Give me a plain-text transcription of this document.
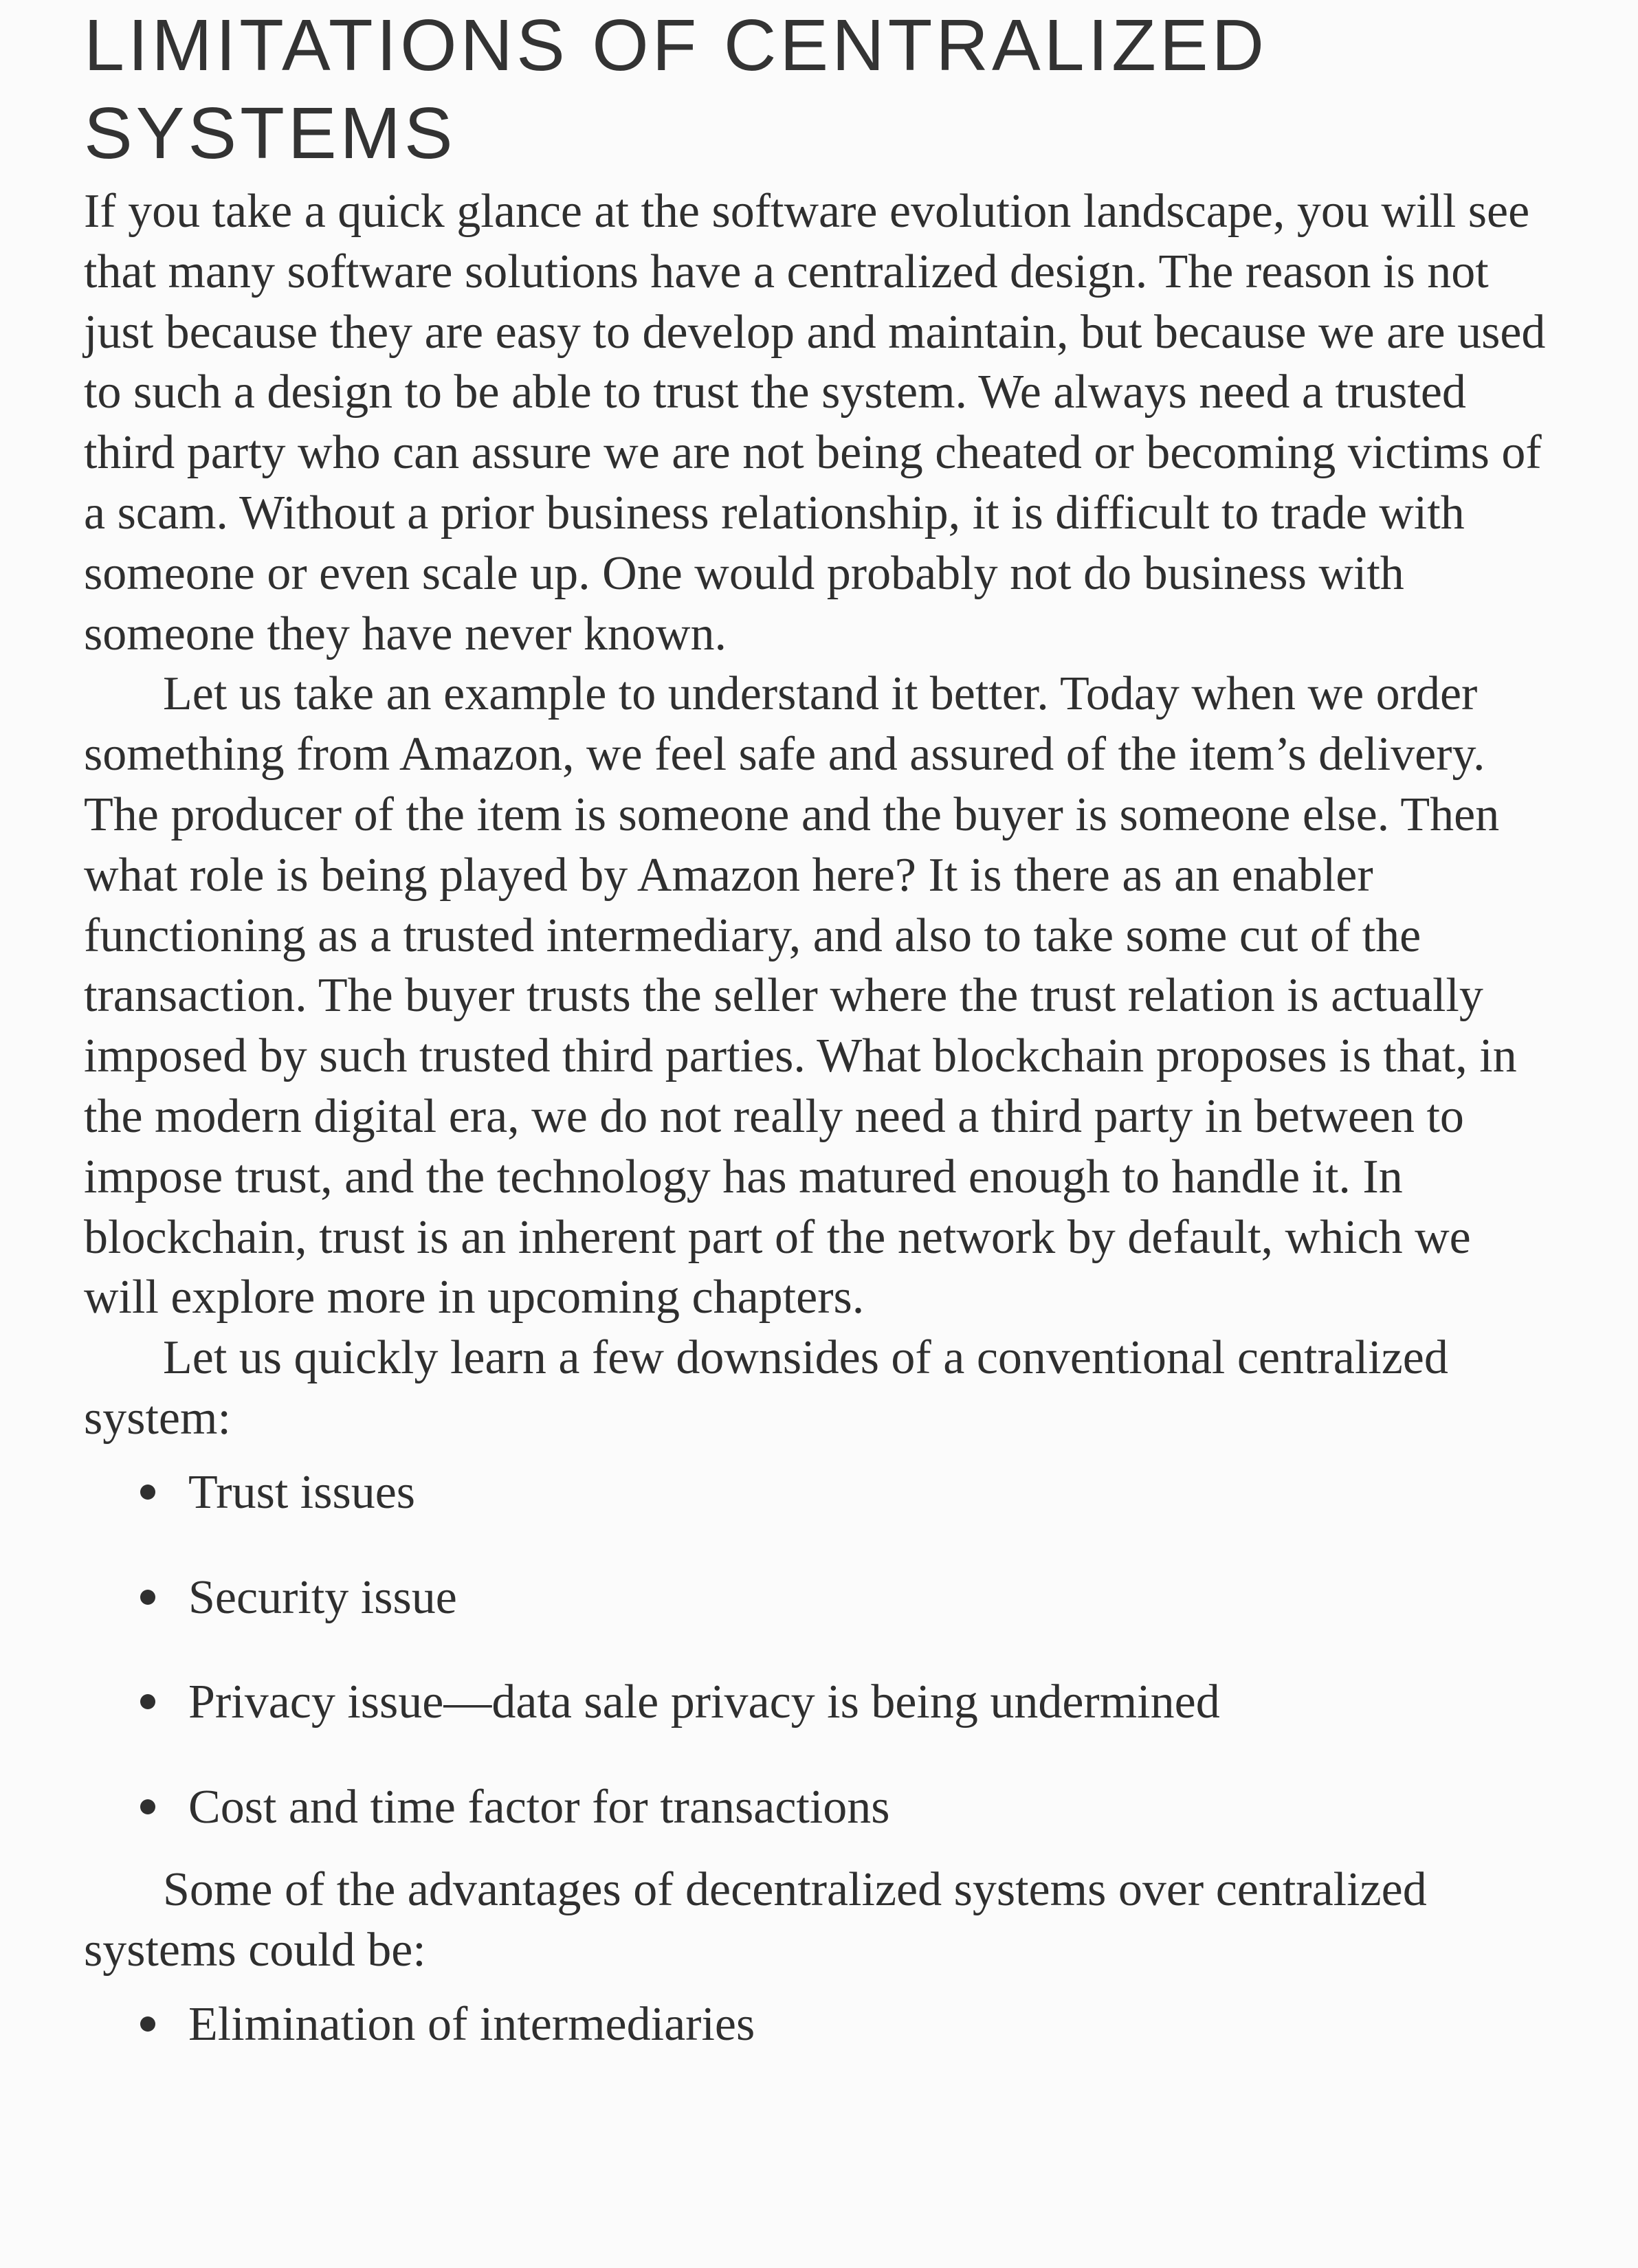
LIMITATIONS OF CENTRALIZED
SYSTEMS

If you take a quick glance at the software evolution landscape, you will see that many software solutions have a centralized design. The reason is not just because they are easy to develop and maintain, but because we are used to such a design to be able to trust the system. We always need a trusted third party who can assure we are not being cheated or becoming victims of a scam. Without a prior business relationship, it is difficult to trade with someone or even scale up. One would probably not do business with someone they have never known.

Let us take an example to understand it better. Today when we order something from Amazon, we feel safe and assured of the item’s delivery. The producer of the item is someone and the buyer is someone else. Then what role is being played by Amazon here? It is there as an enabler functioning as a trusted intermediary, and also to take some cut of the transaction. The buyer trusts the seller where the trust relation is actually imposed by such trusted third parties. What blockchain proposes is that, in the modern digital era, we do not really need a third party in between to impose trust, and the technology has matured enough to handle it. In blockchain, trust is an inherent part of the network by default, which we will explore more in upcoming chapters.

Let us quickly learn a few downsides of a conventional centralized system:

Trust issues
Security issue
Privacy issue—data sale privacy is being undermined
Cost and time factor for transactions

Some of the advantages of decentralized systems over centralized systems could be:

Elimination of intermediaries
